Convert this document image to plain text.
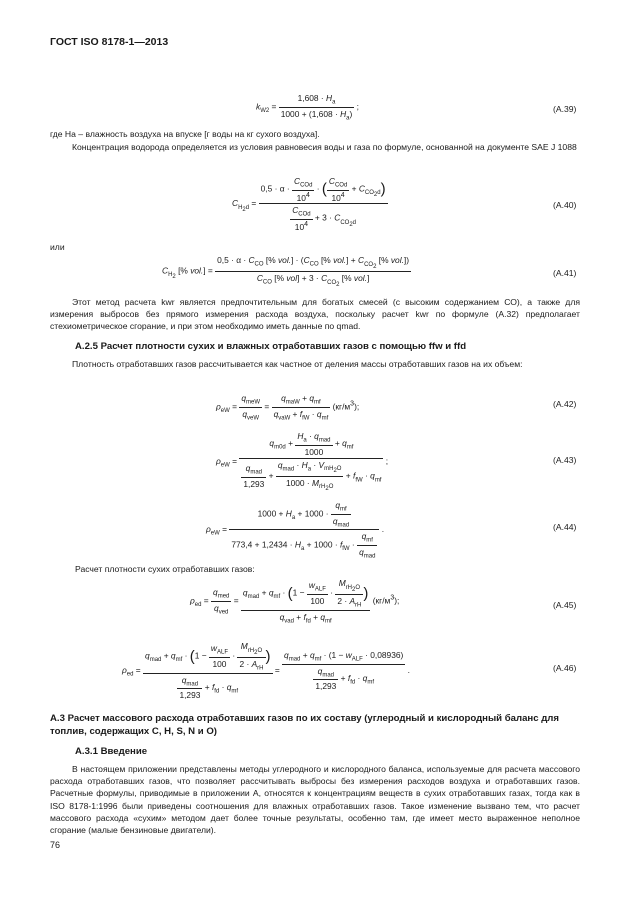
ГОСТ ISO 8178-1—2013
$k_{W2} = \frac{1,608 \cdot H_a}{1000 + (1,608 \cdot H_a)}$ ;	(А.39)
где Ha – влажность воздуха на впуске [г воды на кг сухого воздуха].
Концентрация водорода определяется из условия равновесия воды и газа по формуле, основанной на документе SAE J 1088
$C_{H_2d}$ =
0,5 · α ·
$C_{COd}$
$10^4$
· ( $C_{COd}$
$10^4$
+ $C_{CO_2d}$)
$C_{COd}$
$10^4$
+ $3 \cdot C_{CO_2d}$
(А.40)
или
$C_{H_2}$ [% vol.] =
$0,5 \cdot \alpha \cdot C_{CO}$ [% $vol.] \cdot (C_{CO}$ [% $vol.] + C_{CO_2}$ [% vol.])
$C_{CO}$ [% $vol] + 3 \cdot C_{CO_2}$ [% vol.]	(А.41)
Этот метод расчета kwr является предпочтительным для богатых смесей (с высоким содержанием СО), а также для измерения выбросов без прямого измерения расхода воздуха, поскольку расчет kwr по формуле (А.32) предполагает стехиометрическое сгорание, и при этом необходимо иметь данные по qmad.
А.2.5 Расчет плотности сухих и влажных отработавших газов с помощью ffw и ffd
Плотность отработавших газов рассчитывается как частное от деления массы отработавших газов на их объем:
$\rho_{eW}$ =
$q_{meW}$
$q_{veW}$
=
$q_{maW} + q_{mf}$
$q_{vaW} + f_{fW} \cdot q_{mf}$
$(кг/м^3)$;	(А.42)
$\rho_{eW}$ =
$q_{m0d}$ +
$H_a \cdot q_{mad}$
1000
+ $q_{mf}$
$q_{mad}$
1,293
+
$q_{mad} \cdot H_a \cdot V_{mH_2O}$
$1000 \cdot M_{rH_2O}$
+ $f_{fW} \cdot q_{mf}$
;	(А.43)
$\rho_{eW}$ =
$1000 + H_a + 1000$ ·
$q_{mf}$
$q_{mad}$
$773,4 + 1,2434 \cdot H_a + 1000 \cdot f_{fW}$ ·
$q_{mf}$
$q_{mad}$
.	(А.44)
Расчет плотности сухих отработавших газов:
$\rho_{ed}$ =
$q_{med}$
$q_{ved}$
=
$q_{mad} + q_{mf} \cdot (1$ −
$w_{ALF}$
100
·
$M_{rH_2O}$
$2 \cdot A_{rH}$
)
$q_{vad} + f_{fd} + q_{mf}$
$(кг/м^3)$;	(А.45)
$\rho_{ed}$ =
$q_{mad} + q_{mf} \cdot (1$ −
$w_{ALF}$
100
·
$M_{rH_2O}$
$2 \cdot A_{rH}$
)
$q_{mad}$
1,293
+ $f_{fd} \cdot q_{mf}$
=
$q_{mad} + q_{mf} \cdot (1 - w_{ALF} \cdot 0,08936)$
$q_{mad}$
1,293
+ $f_{fd} \cdot q_{mf}$
.	(А.46)
А.3 Расчет массового расхода отработавших газов по их составу (углеродный и кислородный баланс для топлив, содержащих С, Н, S, N и О)
А.3.1 Введение
В настоящем приложении представлены методы углеродного и кислородного баланса, используемые для расчета массового расхода отработавших газов, что позволяет рассчитывать выбросы без измерения расходов воздуха и отработавших газов. Расчетные формулы, приводимые в приложении А, относятся к концентрациям веществ в сухих отработавших газах, тогда как в ISO 8178-1:1996 были приведены соотношения для влажных отработавших газов. Такое изменение вызвано тем, что расчет массового расхода «сухим» методом дает более точные результаты, особенно там, где имеет место выраженное неполное сгорание (малые бензиновые двигатели).
76
